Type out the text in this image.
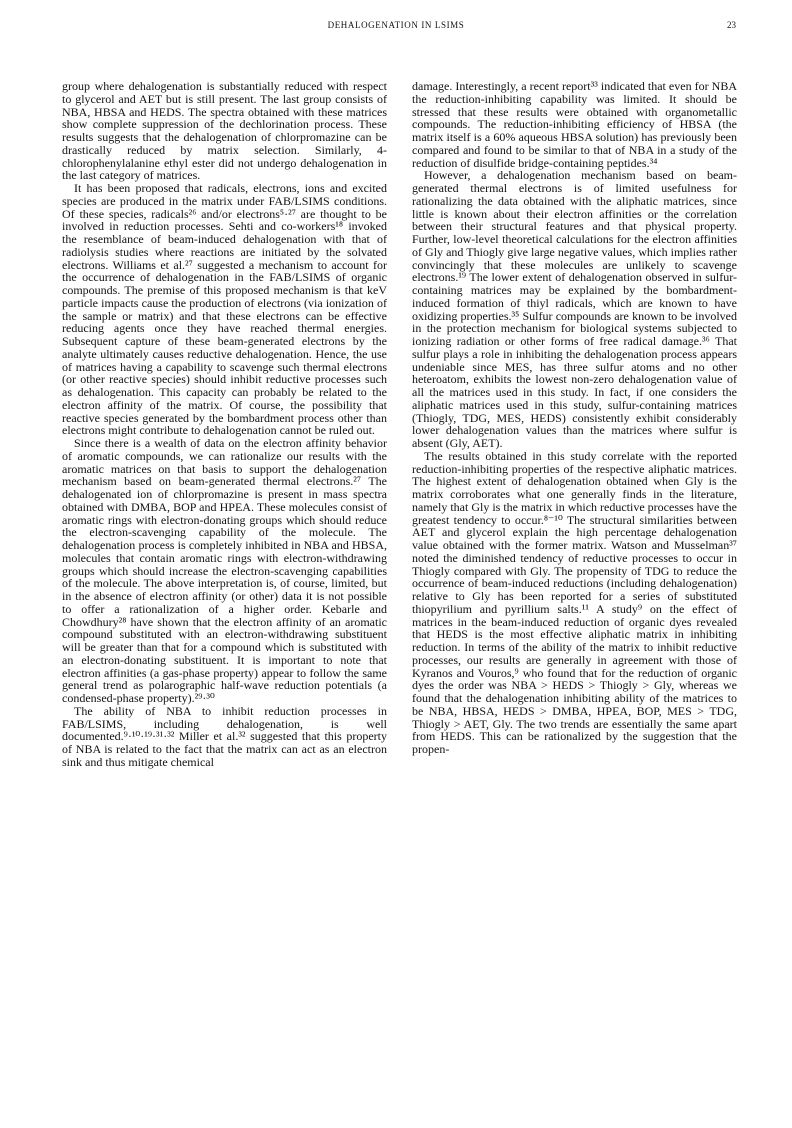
DEHALOGENATION IN LSIMS	23

group where dehalogenation is substantially reduced with respect to glycerol and AET but is still present. The last group consists of NBA, HBSA and HEDS. The spectra obtained with these matrices show complete suppression of the dechlorination process. These results suggests that the dehalogenation of chlorpromazine can be drastically reduced by matrix selection. Similarly, 4-chlorophenylalanine ethyl ester did not undergo dehalogenation in the last category of matrices.

It has been proposed that radicals, electrons, ions and excited species are produced in the matrix under FAB/LSIMS conditions. Of these species, radicals²⁶ and/or electrons⁵·²⁷ are thought to be involved in reduction processes. Sehti and co-workers¹⁸ invoked the resemblance of beam-induced dehalogenation with that of radiolysis studies where reactions are initiated by the solvated electrons. Williams et al.²⁷ suggested a mechanism to account for the occurrence of dehalogenation in the FAB/LSIMS of organic compounds. The premise of this proposed mechanism is that keV particle impacts cause the production of electrons (via ionization of the sample or matrix) and that these electrons can be effective reducing agents once they have reached thermal energies. Subsequent capture of these beam-generated electrons by the analyte ultimately causes reductive dehalogenation. Hence, the use of matrices having a capability to scavenge such thermal electrons (or other reactive species) should inhibit reductive processes such as dehalogenation. This capacity can probably be related to the electron affinity of the matrix. Of course, the possibility that reactive species generated by the bombardment process other than electrons might contribute to dehalogenation cannot be ruled out.

Since there is a wealth of data on the electron affinity behavior of aromatic compounds, we can rationalize our results with the aromatic matrices on that basis to support the dehalogenation mechanism based on beam-generated thermal electrons.²⁷ The dehalogenated ion of chlorpromazine is present in mass spectra obtained with DMBA, BOP and HPEA. These molecules consist of aromatic rings with electron-donating groups which should reduce the electron-scavenging capability of the molecule. The dehalogenation process is completely inhibited in NBA and HBSA, molecules that contain aromatic rings with electron-withdrawing groups which should increase the electron-scavenging capabilities of the molecule. The above interpretation is, of course, limited, but in the absence of electron affinity (or other) data it is not possible to offer a rationalization of a higher order. Kebarle and Chowdhury²⁸ have shown that the electron affinity of an aromatic compound substituted with an electron-withdrawing substituent will be greater than that for a compound which is substituted with an electron-donating substituent. It is important to note that electron affinities (a gas-phase property) appear to follow the same general trend as polarographic half-wave reduction potentials (a condensed-phase property).²⁹·³⁰

The ability of NBA to inhibit reduction processes in FAB/LSIMS, including dehalogenation, is well documented.⁹·¹⁰·¹⁹·³¹·³² Miller et al.³² suggested that this property of NBA is related to the fact that the matrix can act as an electron sink and thus mitigate chemical

damage. Interestingly, a recent report³³ indicated that even for NBA the reduction-inhibiting capability was limited. It should be stressed that these results were obtained with organometallic compounds. The reduction-inhibiting efficiency of HBSA (the matrix itself is a 60% aqueous HBSA solution) has previously been compared and found to be similar to that of NBA in a study of the reduction of disulfide bridge-containing peptides.³⁴

However, a dehalogenation mechanism based on beam-generated thermal electrons is of limited usefulness for rationalizing the data obtained with the aliphatic matrices, since little is known about their electron affinities or the correlation between their structural features and that physical property. Further, low-level theoretical calculations for the electron affinities of Gly and Thiogly give large negative values, which implies rather convincingly that these molecules are unlikely to scavenge electrons.¹⁹ The lower extent of dehalogenation observed in sulfur-containing matrices may be explained by the bombardment-induced formation of thiyl radicals, which are known to have oxidizing properties.³⁵ Sulfur compounds are known to be involved in the protection mechanism for biological systems subjected to ionizing radiation or other forms of free radical damage.³⁶ That sulfur plays a role in inhibiting the dehalogenation process appears undeniable since MES, has three sulfur atoms and no other heteroatom, exhibits the lowest non-zero dehalogenation value of all the matrices used in this study. In fact, if one considers the aliphatic matrices used in this study, sulfur-containing matrices (Thiogly, TDG, MES, HEDS) consistently exhibit considerably lower dehalogenation values than the matrices where sulfur is absent (Gly, AET).

The results obtained in this study correlate with the reported reduction-inhibiting properties of the respective aliphatic matrices. The highest extent of dehalogenation obtained when Gly is the matrix corroborates what one generally finds in the literature, namely that Gly is the matrix in which reductive processes have the greatest tendency to occur.⁸⁻¹⁰ The structural similarities between AET and glycerol explain the high percentage dehalogenation value obtained with the former matrix. Watson and Musselman³⁷ noted the diminished tendency of reductive processes to occur in Thiogly compared with Gly. The propensity of TDG to reduce the occurrence of beam-induced reductions (including dehalogenation) relative to Gly has been reported for a series of substituted thiopyrilium and pyrillium salts.¹¹ A study⁹ on the effect of matrices in the beam-induced reduction of organic dyes revealed that HEDS is the most effective aliphatic matrix in inhibiting reduction. In terms of the ability of the matrix to inhibit reductive processes, our results are generally in agreement with those of Kyranos and Vouros,⁹ who found that for the reduction of organic dyes the order was NBA > HEDS > Thiogly > Gly, whereas we found that the dehalogenation inhibiting ability of the matrices to be NBA, HBSA, HEDS > DMBA, HPEA, BOP, MES > TDG, Thiogly > AET, Gly. The two trends are essentially the same apart from HEDS. This can be rationalized by the suggestion that the propen-
